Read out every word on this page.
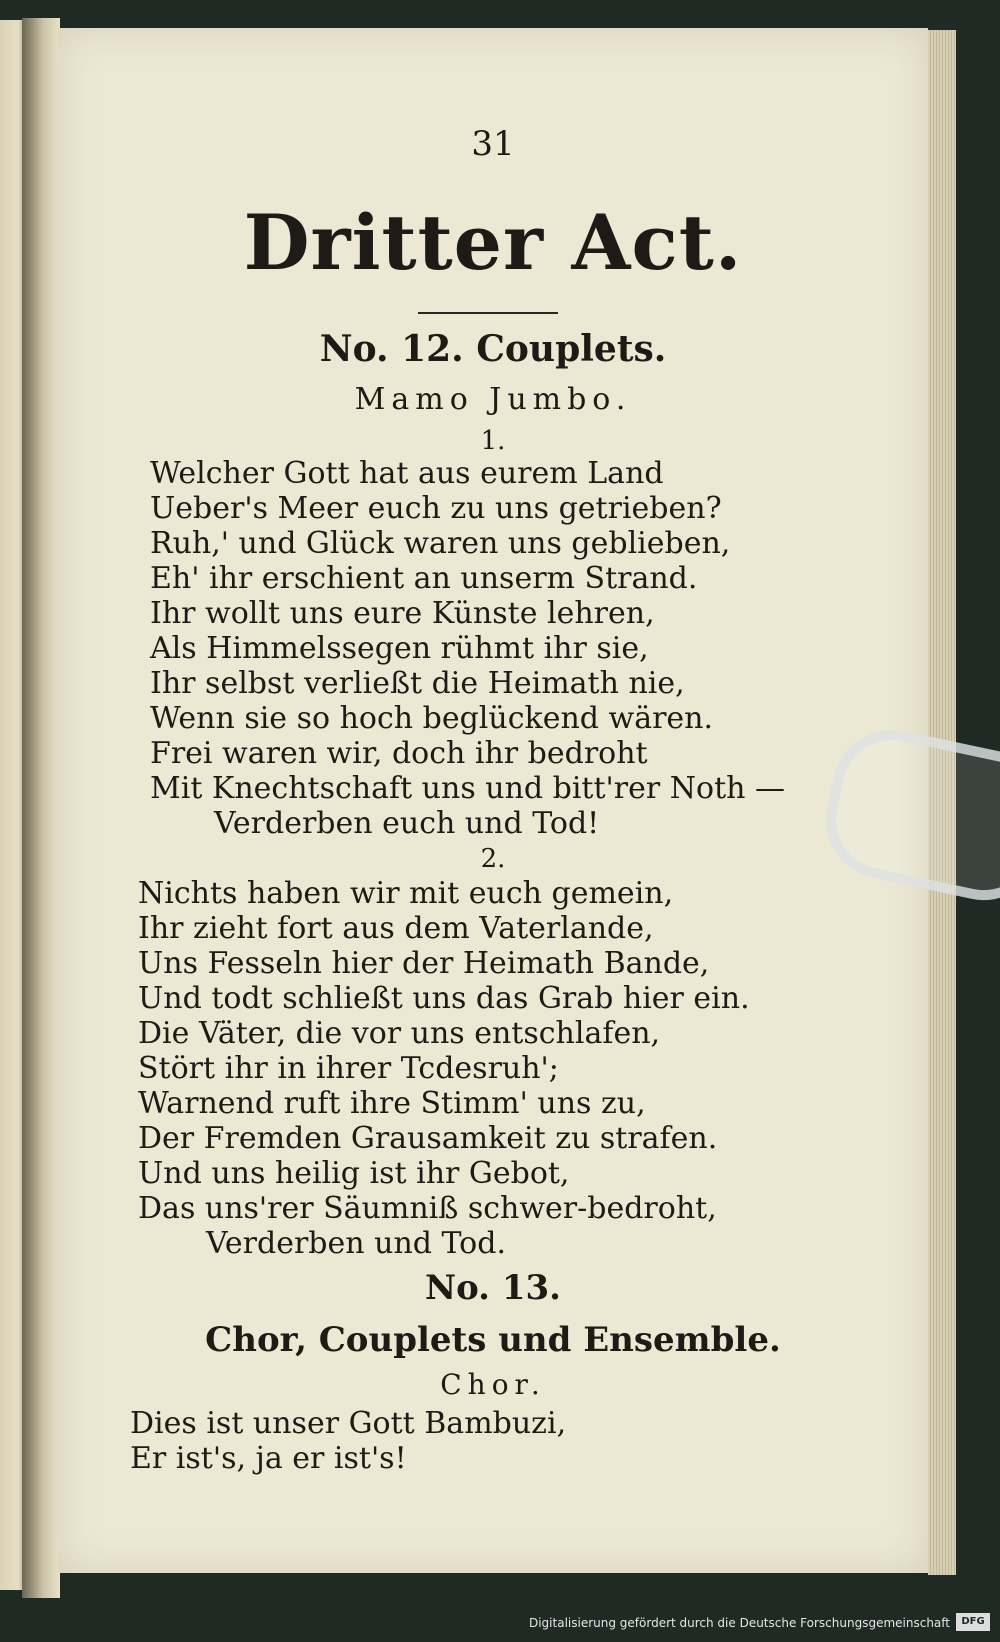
31
Dritter Act.
No. 12. Couplets.
Mamo Jumbo.
1.
Welcher Gott hat aus eurem Land
Ueber's Meer euch zu uns getrieben?
Ruh,' und Glück waren uns geblieben,
Eh' ihr erschient an unserm Strand.
Ihr wollt uns eure Künste lehren,
Als Himmelssegen rühmt ihr sie,
Ihr selbst verließt die Heimath nie,
Wenn sie so hoch beglückend wären.
Frei waren wir, doch ihr bedroht
Mit Knechtschaft uns und bitt'rer Noth —
Verderben euch und Tod!
2.
Nichts haben wir mit euch gemein,
Ihr zieht fort aus dem Vaterlande,
Uns Fesseln hier der Heimath Bande,
Und todt schließt uns das Grab hier ein.
Die Väter, die vor uns entschlafen,
Stört ihr in ihrer Tcdesruh';
Warnend ruft ihre Stimm' uns zu,
Der Fremden Grausamkeit zu strafen.
Und uns heilig ist ihr Gebot,
Das uns'rer Säumniß schwer-bedroht,
Verderben und Tod.
No. 13.
Chor, Couplets und Ensemble.
Chor.
Dies ist unser Gott Bambuzi,
Er ist's, ja er ist's!
Digitalisierung gefördert durch die Deutsche Forschungsgemeinschaft	DFG
